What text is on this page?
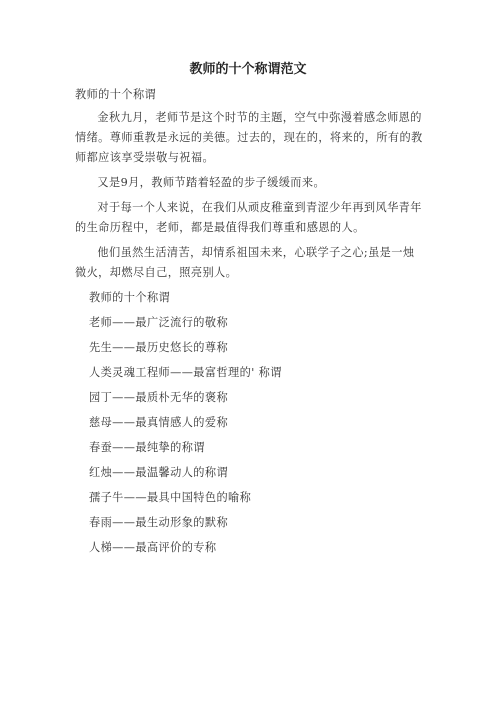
教师的十个称谓范文

教师的十个称谓

金秋九月，老师节是这个时节的主题，空气中弥漫着感念师恩的情绪。尊师重教是永远的美德。过去的，现在的，将来的，所有的教师都应该享受崇敬与祝福。

又是9月，教师节踏着轻盈的步子缓缓而来。

对于每一个人来说，在我们从顽皮稚童到青涩少年再到风华青年的生命历程中，老师，都是最值得我们尊重和感恩的人。

他们虽然生活清苦，却情系祖国未来，心联学子之心;虽是一烛微火，却燃尽自己，照亮别人。

教师的十个称谓

老师——最广泛流行的敬称

先生——最历史悠长的尊称

人类灵魂工程师——最富哲理的' 称谓

园丁——最质朴无华的褒称

慈母——最真情感人的爱称

春蚕——最纯挚的称谓

红烛——最温馨动人的称谓

孺子牛——最具中国特色的喻称

春雨——最生动形象的默称

人梯——最高评价的专称
